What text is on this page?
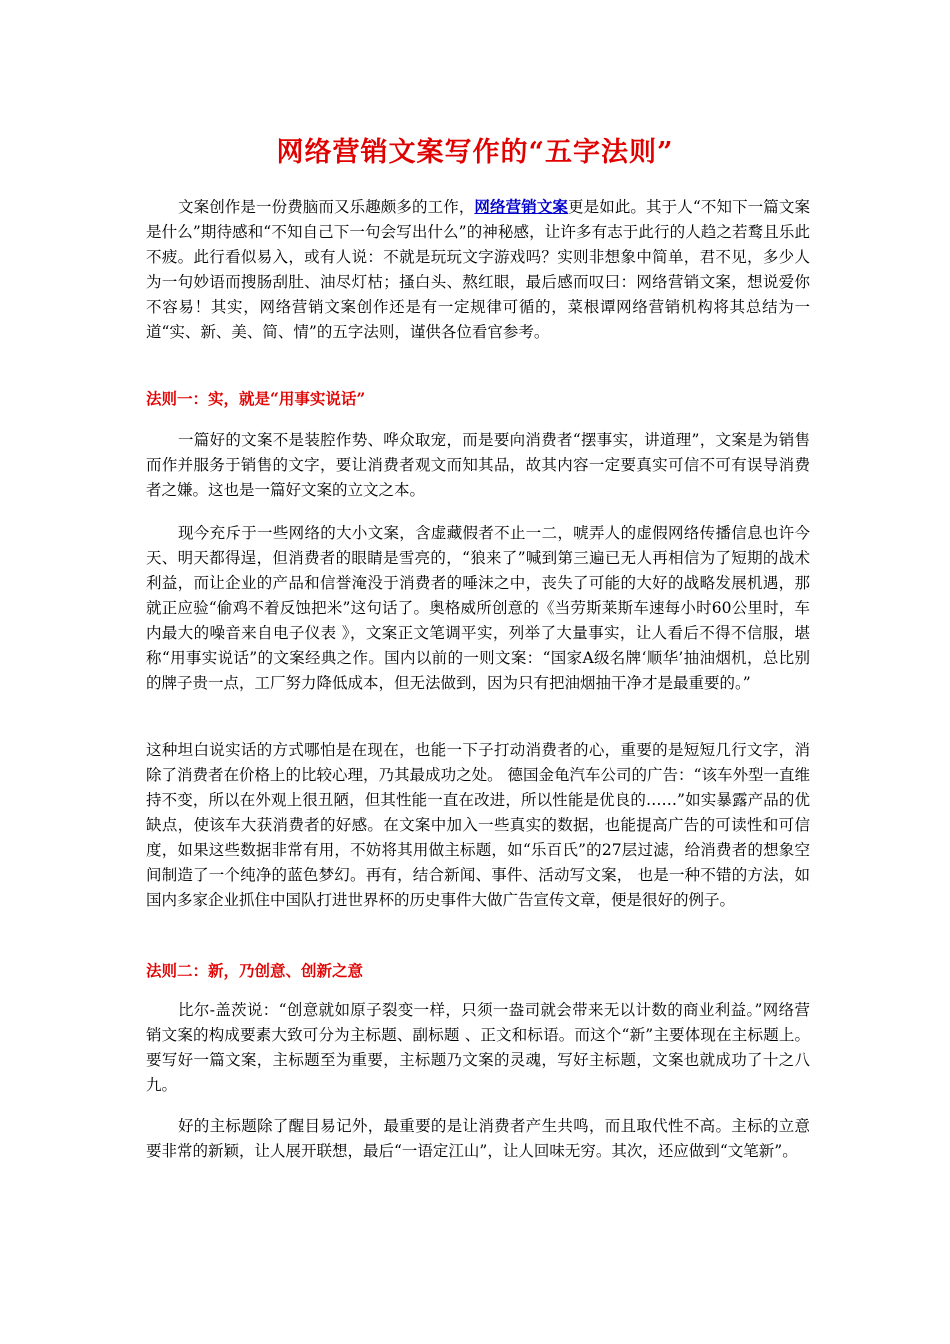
网络营销文案写作的“五字法则”

文案创作是一份费脑而又乐趣颇多的工作，网络营销文案更是如此。其于人“不知下一篇文案是什么”期待感和“不知自己下一句会写出什么”的神秘感，让许多有志于此行的人趋之若鹜且乐此不疲。此行看似易入，或有人说：不就是玩玩文字游戏吗？实则非想象中简单，君不见，多少人为一句妙语而搜肠刮肚、油尽灯枯；搔白头、熬红眼，最后感而叹曰：网络营销文案，想说爱你不容易！其实，网络营销文案创作还是有一定规律可循的，菜根谭网络营销机构将其总结为一道“实、新、美、简、情”的五字法则，谨供各位看官参考。

法则一：实，就是“用事实说话”

一篇好的文案不是装腔作势、哗众取宠，而是要向消费者“摆事实，讲道理”，文案是为销售而作并服务于销售的文字，要让消费者观文而知其品，故其内容一定要真实可信不可有误导消费者之嫌。这也是一篇好文案的立文之本。

现今充斥于一些网络的大小文案，含虚藏假者不止一二，唬弄人的虚假网络传播信息也许今天、明天都得逞，但消费者的眼睛是雪亮的，“狼来了”喊到第三遍已无人再相信为了短期的战术利益，而让企业的产品和信誉淹没于消费者的唾沫之中，丧失了可能的大好的战略发展机遇，那就正应验“偷鸡不着反蚀把米”这句话了。奥格威所创意的《当劳斯莱斯车速每小时60公里时，车内最大的噪音来自电子仪表 》，文案正文笔调平实，列举了大量事实，让人看后不得不信服，堪称“用事实说话”的文案经典之作。国内以前的一则文案：“国家A级名牌‘顺华’抽油烟机，总比别的牌子贵一点，工厂努力降低成本，但无法做到，因为只有把油烟抽干净才是最重要的。”

这种坦白说实话的方式哪怕是在现在，也能一下子打动消费者的心，重要的是短短几行文字，消除了消费者在价格上的比较心理，乃其最成功之处。 德国金龟汽车公司的广告：“该车外型一直维持不变，所以在外观上很丑陋，但其性能一直在改进，所以性能是优良的……”如实暴露产品的优缺点，使该车大获消费者的好感。在文案中加入一些真实的数据，也能提高广告的可读性和可信度，如果这些数据非常有用，不妨将其用做主标题，如“乐百氏”的27层过滤，给消费者的想象空间制造了一个纯净的蓝色梦幻。再有，结合新闻、事件、活动写文案， 也是一种不错的方法，如国内多家企业抓住中国队打进世界杯的历史事件大做广告宣传文章，便是很好的例子。

法则二：新，乃创意、创新之意

比尔-盖茨说：“创意就如原子裂变一样，只须一盎司就会带来无以计数的商业利益。”网络营销文案的构成要素大致可分为主标题、副标题 、正文和标语。而这个“新”主要体现在主标题上。要写好一篇文案，主标题至为重要，主标题乃文案的灵魂，写好主标题，文案也就成功了十之八九。

好的主标题除了醒目易记外，最重要的是让消费者产生共鸣，而且取代性不高。主标的立意要非常的新颖，让人展开联想，最后“一语定江山”，让人回味无穷。其次，还应做到“文笔新”。
